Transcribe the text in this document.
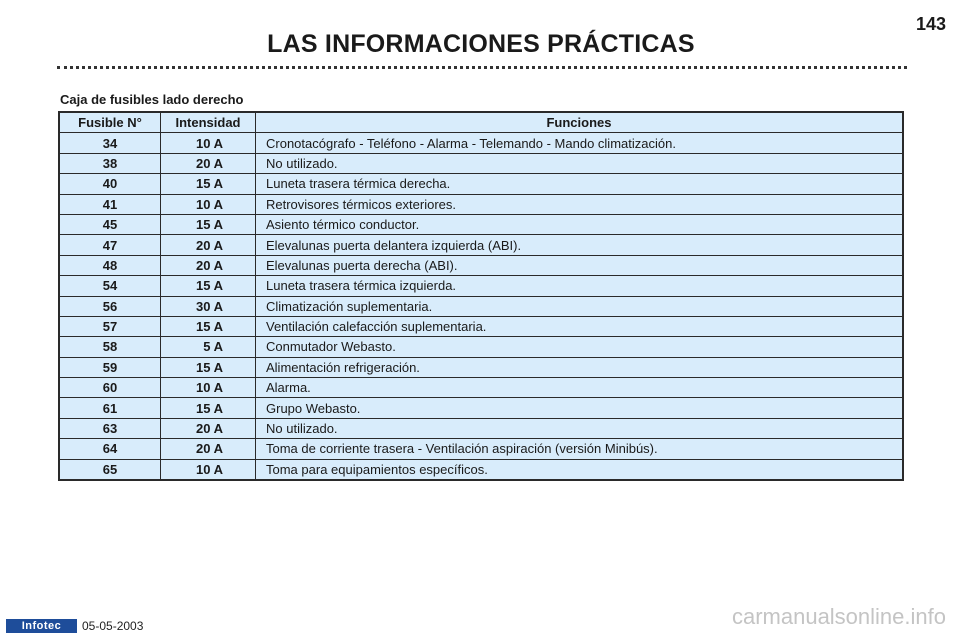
143
LAS INFORMACIONES PRÁCTICAS
Caja de fusibles lado derecho
Fusible N°	Intensidad	Funciones
34	10 A	Cronotacógrafo - Teléfono - Alarma - Telemando - Mando climatización.
38	20 A	No utilizado.
40	15 A	Luneta trasera térmica derecha.
41	10 A	Retrovisores térmicos exteriores.
45	15 A	Asiento térmico conductor.
47	20 A	Elevalunas puerta delantera izquierda (ABI).
48	20 A	Elevalunas puerta derecha (ABI).
54	15 A	Luneta trasera térmica izquierda.
56	30 A	Climatización suplementaria.
57	15 A	Ventilación calefacción suplementaria.
58	5 A	Conmutador Webasto.
59	15 A	Alimentación refrigeración.
60	10 A	Alarma.
61	15 A	Grupo Webasto.
63	20 A	No utilizado.
64	20 A	Toma de corriente trasera - Ventilación aspiración (versión Minibús).
65	10 A	Toma para equipamientos específicos.
Infotec	05-05-2003	carmanualsonline.info
